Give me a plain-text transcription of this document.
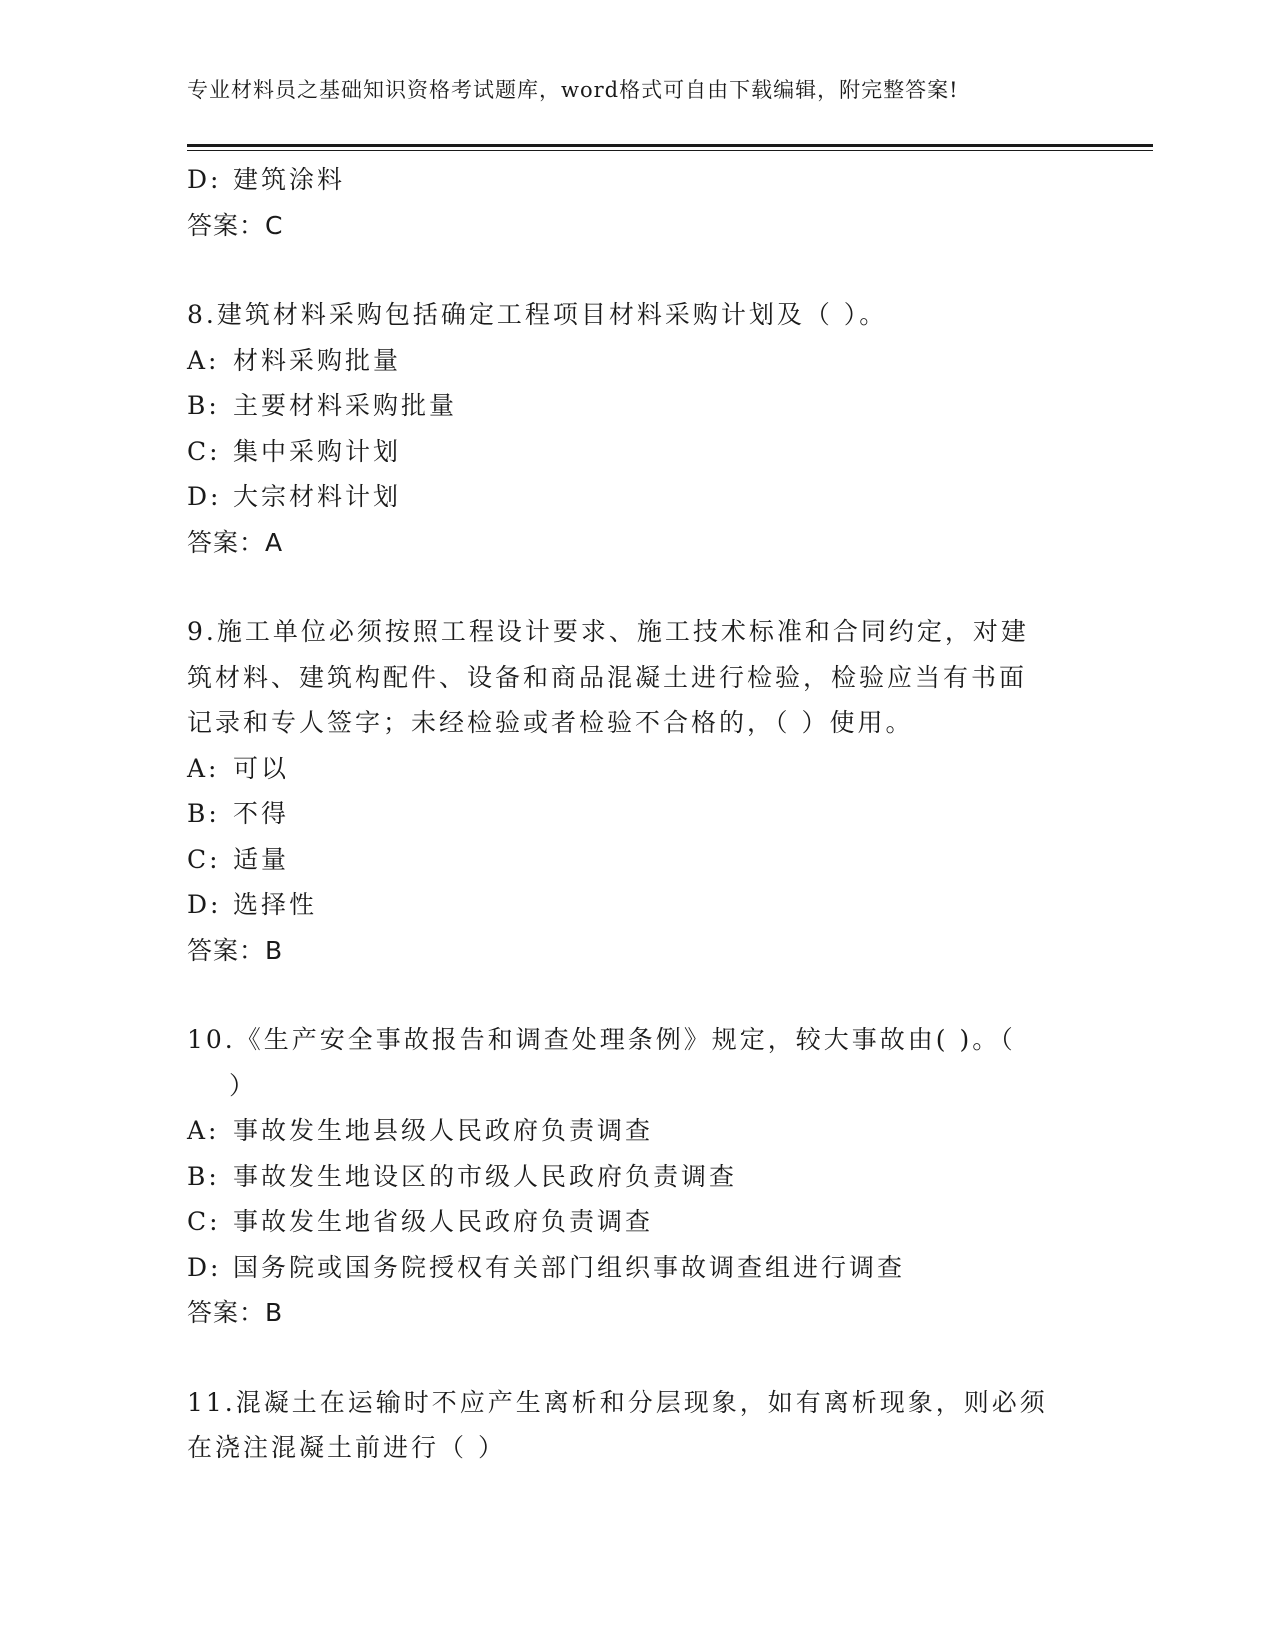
专业材料员之基础知识资格考试题库，word格式可自由下载编辑，附完整答案!
D: 建筑涂料
答案：C
8.建筑材料采购包括确定工程项目材料采购计划及（ ）。
A: 材料采购批量
B: 主要材料采购批量
C: 集中采购计划
D: 大宗材料计划
答案：A
9.施工单位必须按照工程设计要求、施工技术标准和合同约定，对建
筑材料、建筑构配件、设备和商品混凝土进行检验，检验应当有书面
记录和专人签字；未经检验或者检验不合格的，（ ）使用。
A: 可以
B: 不得
C: 适量
D: 选择性
答案：B
10.《生产安全事故报告和调查处理条例》规定，较大事故由( )。（
）
A: 事故发生地县级人民政府负责调查
B: 事故发生地设区的市级人民政府负责调查
C: 事故发生地省级人民政府负责调查
D: 国务院或国务院授权有关部门组织事故调查组进行调查
答案：B
11.混凝土在运输时不应产生离析和分层现象，如有离析现象，则必须
在浇注混凝土前进行（ ）
